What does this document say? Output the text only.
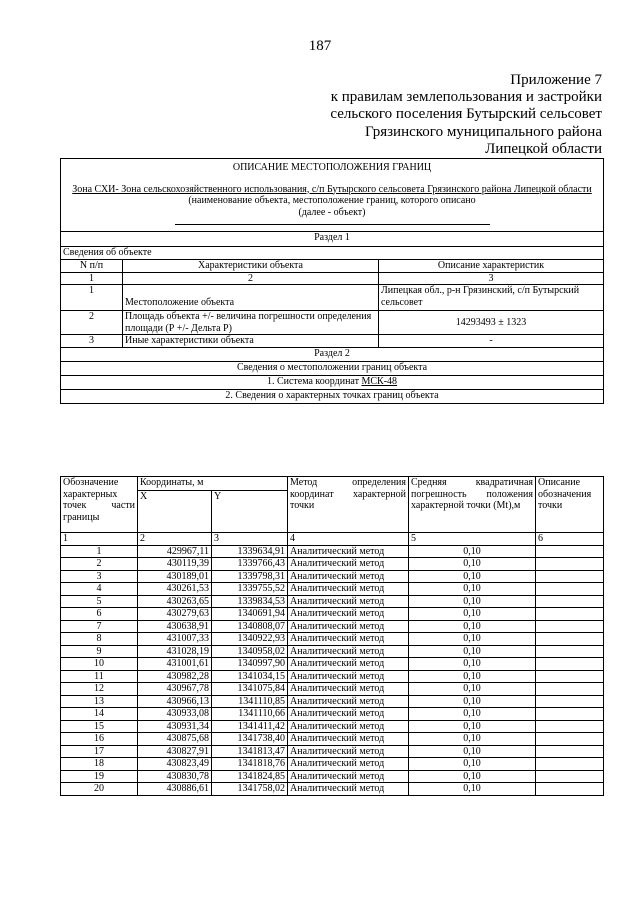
187
Приложение 7
к правилам землепользования и застройки
сельского поселения Бутырский сельсовет
Грязинского муниципального района
Липецкой области
ОПИСАНИЕ МЕСТОПОЛОЖЕНИЯ ГРАНИЦ
Зона СХИ- Зона сельскохозяйственного использования, с/п Бутырского сельсовета Грязинского района Липецкой области
(наименование объекта, местоположение границ, которого описано
(далее - объект)		

Раздел 1		
Сведения об объекте		
N п/п	Характеристики объекта	Описание характеристик
1	2	3
1	Местоположение объекта	Липецкая обл., р-н Грязинский, с/п Бутырский сельсовет
2	Площадь объекта +/- величина погрешности определения площади (Р +/- Дельта Р)	14293493 ± 1323
3	Иные характеристики объекта	-
Раздел 2		
Сведения о местоположении границ объекта		
1. Система координат МСК-48		
2. Сведения о характерных точках границ объекта		
Обозначение характерных точек части границы	Координаты, м		Метод определения координат характерной точки	Средняя квадратичная погрешность положения характерной точки (Mt),м	Описание обозначения точки
	X	Y			
1	2	3	4	5	6
1	429967,11	1339634,91	Аналитический метод	0,10	
2	430119,39	1339766,43	Аналитический метод	0,10	
3	430189,01	1339798,31	Аналитический метод	0,10	
4	430261,53	1339755,52	Аналитический метод	0,10	
5	430263,65	1339834,53	Аналитический метод	0,10	
6	430279,63	1340691,94	Аналитический метод	0,10	
7	430638,91	1340808,07	Аналитический метод	0,10	
8	431007,33	1340922,93	Аналитический метод	0,10	
9	431028,19	1340958,02	Аналитический метод	0,10	
10	431001,61	1340997,90	Аналитический метод	0,10	
11	430982,28	1341034,15	Аналитический метод	0,10	
12	430967,78	1341075,84	Аналитический метод	0,10	
13	430966,13	1341110,85	Аналитический метод	0,10	
14	430933,08	1341110,66	Аналитический метод	0,10	
15	430931,34	1341411,42	Аналитический метод	0,10	
16	430875,68	1341738,40	Аналитический метод	0,10	
17	430827,91	1341813,47	Аналитический метод	0,10	
18	430823,49	1341818,76	Аналитический метод	0,10	
19	430830,78	1341824,85	Аналитический метод	0,10	
20	430886,61	1341758,02	Аналитический метод	0,10	
